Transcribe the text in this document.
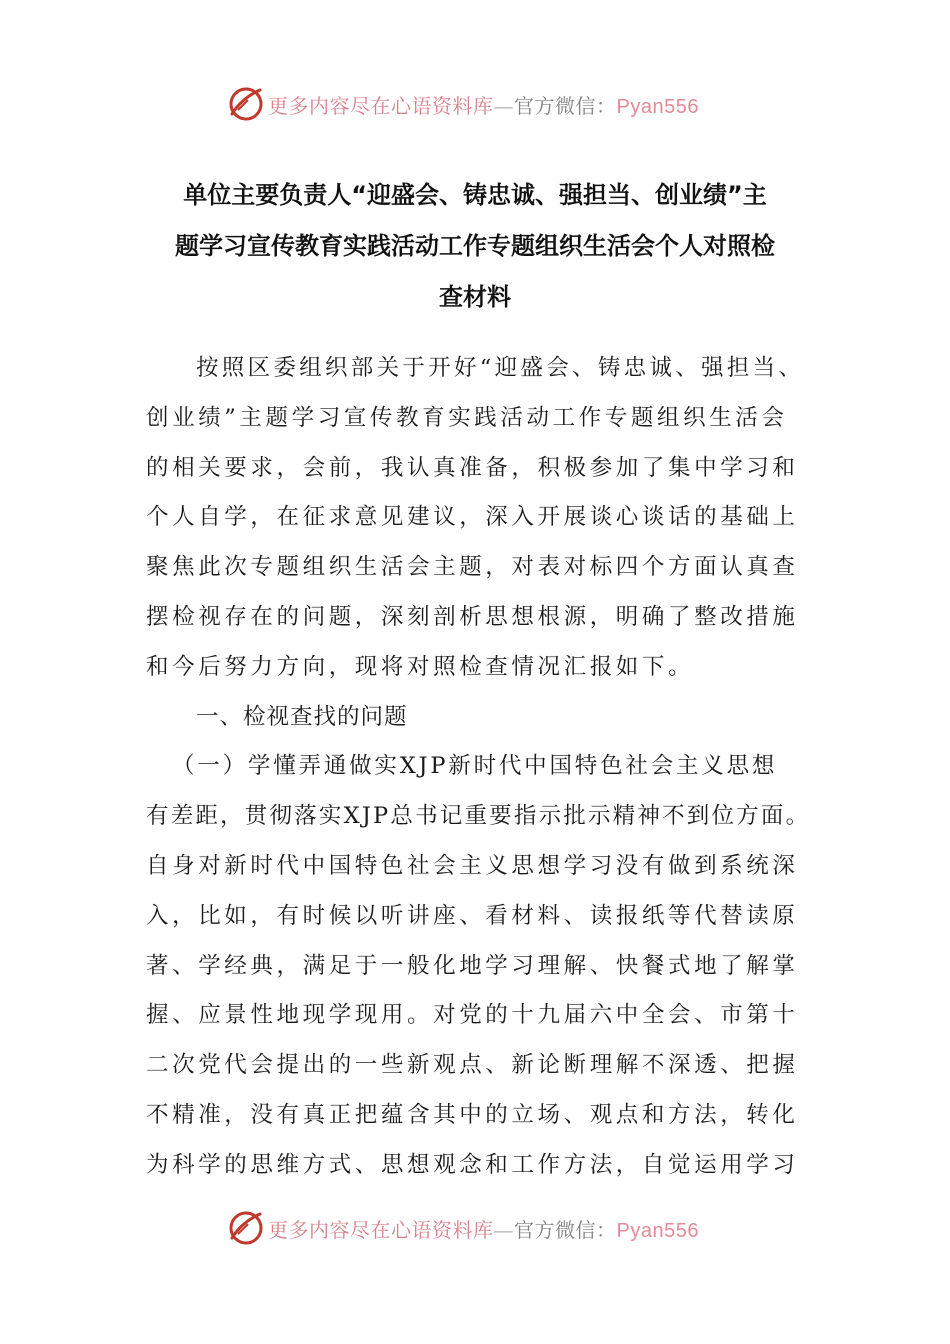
更多内容尽在心语资料库—官方微信：Pyan556
单位主要负责人“迎盛会、铸忠诚、强担当、创业绩”主
题学习宣传教育实践活动工作专题组织生活会个人对照检
查材料

按照区委组织部关于开好“迎盛会、铸忠诚、强担当、
创业绩”主题学习宣传教育实践活动工作专题组织生活会
的相关要求，会前，我认真准备，积极参加了集中学习和
个人自学，在征求意见建议，深入开展谈心谈话的基础上
聚焦此次专题组织生活会主题，对表对标四个方面认真查
摆检视存在的问题，深刻剖析思想根源，明确了整改措施
和今后努力方向，现将对照检查情况汇报如下。

一、检视查找的问题

（一）学懂弄通做实XJP新时代中国特色社会主义思想
有差距，贯彻落实XJP总书记重要指示批示精神不到位方面。
自身对新时代中国特色社会主义思想学习没有做到系统深
入，比如，有时候以听讲座、看材料、读报纸等代替读原
著、学经典，满足于一般化地学习理解、快餐式地了解掌
握、应景性地现学现用。对党的十九届六中全会、市第十
二次党代会提出的一些新观点、新论断理解不深透、把握
不精准，没有真正把蕴含其中的立场、观点和方法，转化
为科学的思维方式、思想观念和工作方法，自觉运用学习

更多内容尽在心语资料库—官方微信：Pyan556
